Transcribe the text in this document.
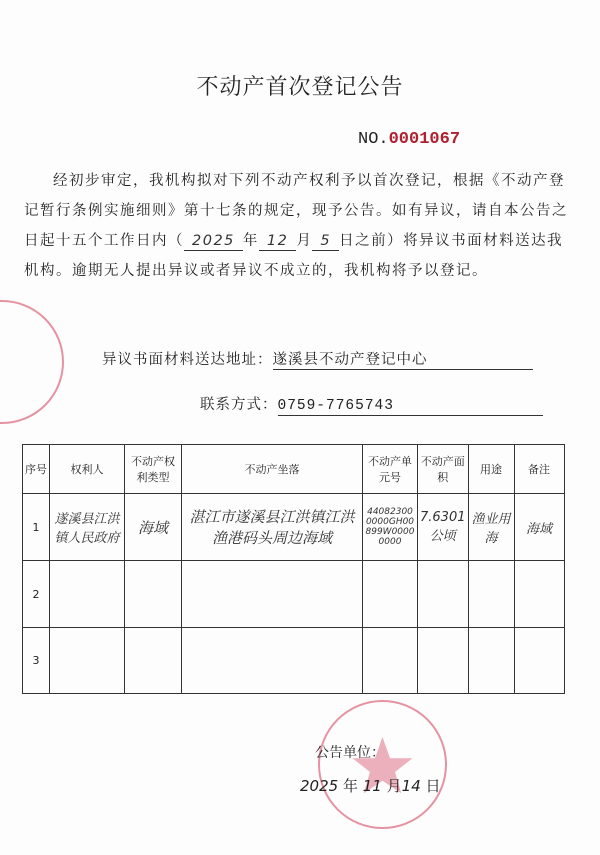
不动产首次登记公告
NO.0001067
经初步审定，我机构拟对下列不动产权利予以首次登记，根据《不动产登记暂行条例实施细则》第十七条的规定，现予公告。如有异议，请自本公告之日起十五个工作日内（ 2025 年 12 月 5 日之前）将异议书面材料送达我机构。逾期无人提出异议或者异议不成立的，我机构将予以登记。
异议书面材料送达地址：遂溪县不动产登记中心
联系方式：0759-7765743
序号	权利人	不动产权利类型	不动产坐落	不动产单元号	不动产面积	用途	备注
1	遂溪县江洪镇人民政府	海域	湛江市遂溪县江洪镇江洪渔港码头周边海域	440823000000GH00899W00000000	7.6301公顷	渔业用海	海域
2							
3							
公告单位：
2025 年 11 月14 日
